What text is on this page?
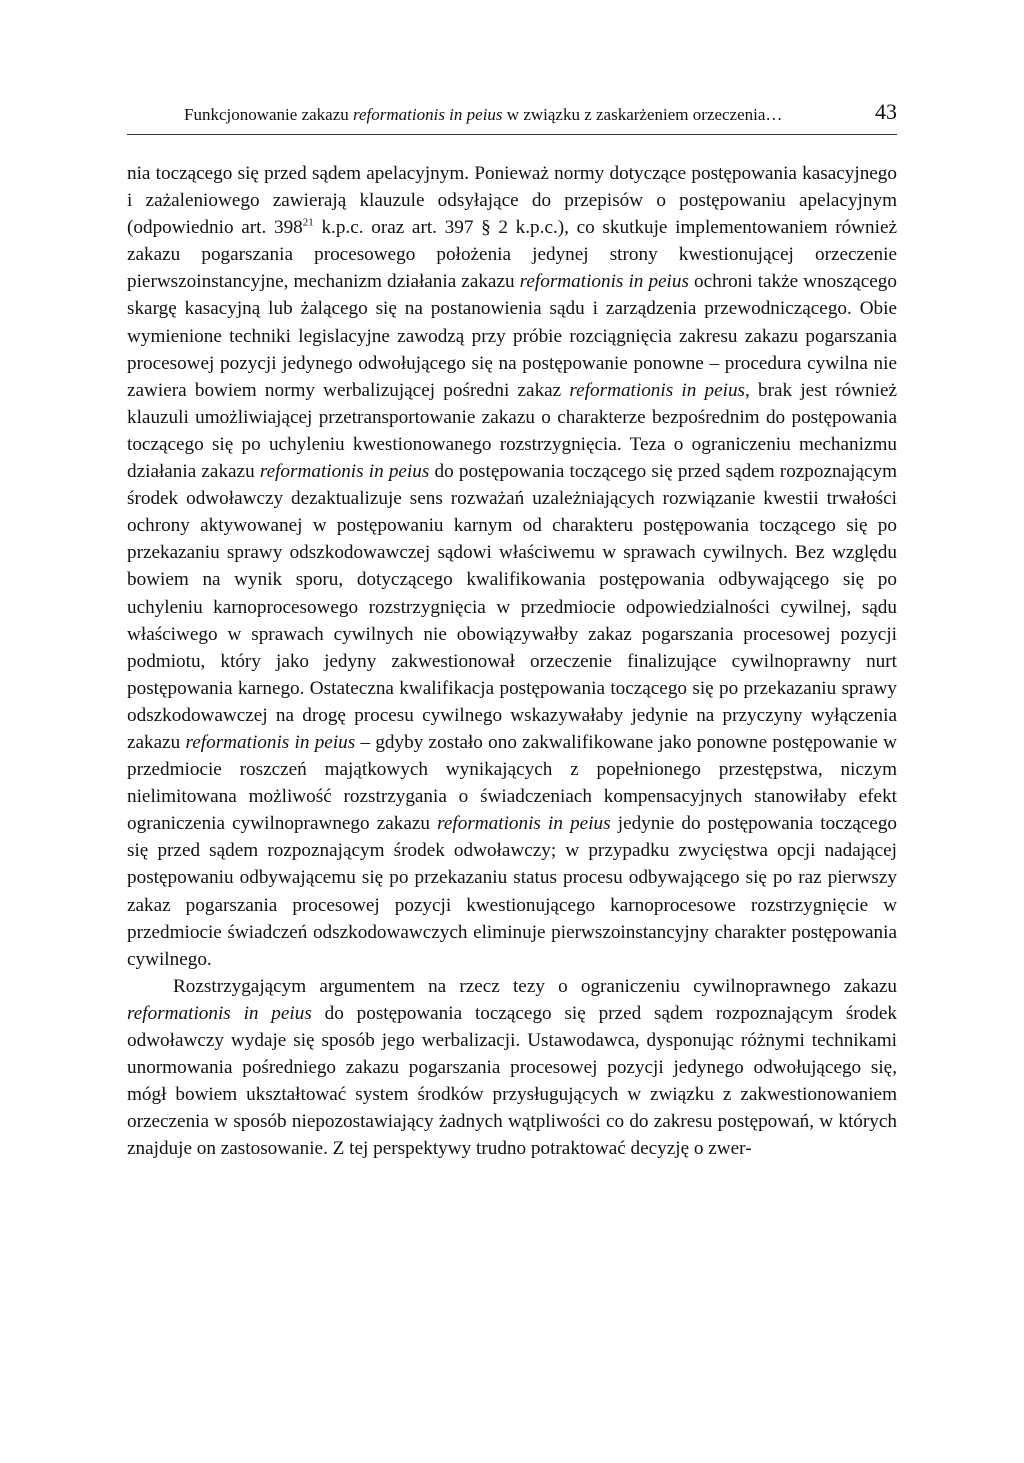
Funkcjonowanie zakazu reformationis in peius w związku z zaskarżeniem orzeczenia…	43

nia toczącego się przed sądem apelacyjnym. Ponieważ normy dotyczące postępowania kasacyjnego i zażaleniowego zawierają klauzule odsyłające do przepisów o postępowaniu apelacyjnym (odpowiednio art. $398^{21}$ k.p.c. oraz art. 397 § 2 k.p.c.), co skutkuje implementowaniem również zakazu pogarszania procesowego położenia jedynej strony kwestionującej orzeczenie pierwszoinstancyjne, mechanizm działania zakazu reformationis in peius ochroni także wnoszącego skargę kasacyjną lub żalącego się na postanowienia sądu i zarządzenia przewodniczącego. Obie wymienione techniki legislacyjne zawodzą przy próbie rozciągnięcia zakresu zakazu pogarszania procesowej pozycji jedynego odwołującego się na postępowanie ponowne – procedura cywilna nie zawiera bowiem normy werbalizującej pośredni zakaz reformationis in peius, brak jest również klauzuli umożliwiającej przetransportowanie zakazu o charakterze bezpośrednim do postępowania toczącego się po uchyleniu kwestionowanego rozstrzygnięcia. Teza o ograniczeniu mechanizmu działania zakazu reformationis in peius do postępowania toczącego się przed sądem rozpoznającym środek odwoławczy dezaktualizuje sens rozważań uzależniających rozwiązanie kwestii trwałości ochrony aktywowanej w postępowaniu karnym od charakteru postępowania toczącego się po przekazaniu sprawy odszkodowawczej sądowi właściwemu w sprawach cywilnych. Bez względu bowiem na wynik sporu, dotyczącego kwalifikowania postępowania odbywającego się po uchyleniu karnoprocesowego rozstrzygnięcia w przedmiocie odpowiedzialności cywilnej, sądu właściwego w sprawach cywilnych nie obowiązywałby zakaz pogarszania procesowej pozycji podmiotu, który jako jedyny zakwestionował orzeczenie finalizujące cywilnoprawny nurt postępowania karnego. Ostateczna kwalifikacja postępowania toczącego się po przekazaniu sprawy odszkodowawczej na drogę procesu cywilnego wskazywałaby jedynie na przyczyny wyłączenia zakazu reformationis in peius – gdyby zostało ono zakwalifikowane jako ponowne postępowanie w przedmiocie roszczeń majątkowych wynikających z popełnionego przestępstwa, niczym nielimitowana możliwość rozstrzygania o świadczeniach kompensacyjnych stanowiłaby efekt ograniczenia cywilnoprawnego zakazu reformationis in peius jedynie do postępowania toczącego się przed sądem rozpoznającym środek odwoławczy; w przypadku zwycięstwa opcji nadającej postępowaniu odbywającemu się po przekazaniu status procesu odbywającego się po raz pierwszy zakaz pogarszania procesowej pozycji kwestionującego karnoprocesowe rozstrzygnięcie w przedmiocie świadczeń odszkodowawczych eliminuje pierwszoinstancyjny charakter postępowania cywilnego.

Rozstrzygającym argumentem na rzecz tezy o ograniczeniu cywilnoprawnego zakazu reformationis in peius do postępowania toczącego się przed sądem rozpoznającym środek odwoławczy wydaje się sposób jego werbalizacji. Ustawodawca, dysponując różnymi technikami unormowania pośredniego zakazu pogarszania procesowej pozycji jedynego odwołującego się, mógł bowiem ukształtować system środków przysługujących w związku z zakwestionowaniem orzeczenia w sposób niepozostawiający żadnych wątpliwości co do zakresu postępowań, w których znajduje on zastosowanie. Z tej perspektywy trudno potraktować decyzję o zwer-
